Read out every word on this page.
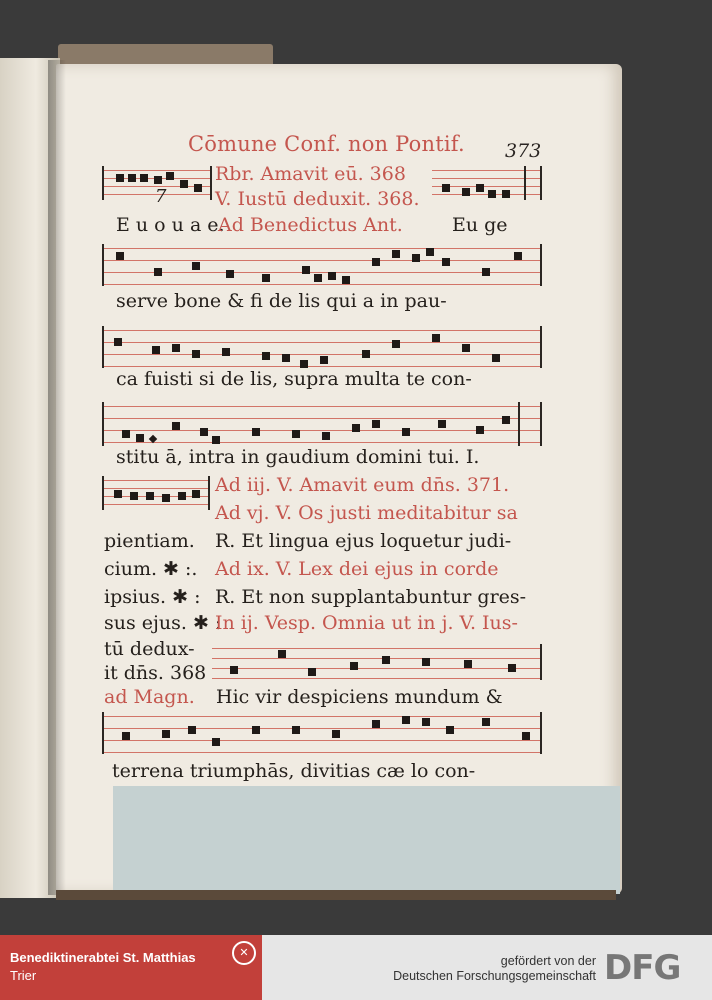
Cōmune Conf. non Pontif. 373
7
Rbr. Amavit eū. 368
V. Iustū deduxit. 368.
E u o u a e.
Ad Benedictus Ant.	Eu ge
serve bone & fi de lis qui a in pau-
ca fuisti si de lis, supra multa te con-
stitu ā, intra in gaudium domini tui. I.
Ad iij. V. Amavit eum dn̄s. 371.
Ad vj. V. Os justi meditabitur sa
pientiam. R. Et lingua ejus loquetur judi-
cium. ✱ :. Ad ix. V. Lex dei ejus in corde
ipsius. ✱ : R. Et non supplantabuntur gres-
sus ejus. ✱ :
In ij. Vesp. Omnia ut in j. V. Ius-
tū dedux-
it dn̄s. 368
ad Magn. Hic vir despiciens mundum &
terrena triumphās, divitias cæ lo con-
Benediktinerabtei St. Matthias
Trier
✕
gefördert von der
Deutschen Forschungsgemeinschaft DFG
